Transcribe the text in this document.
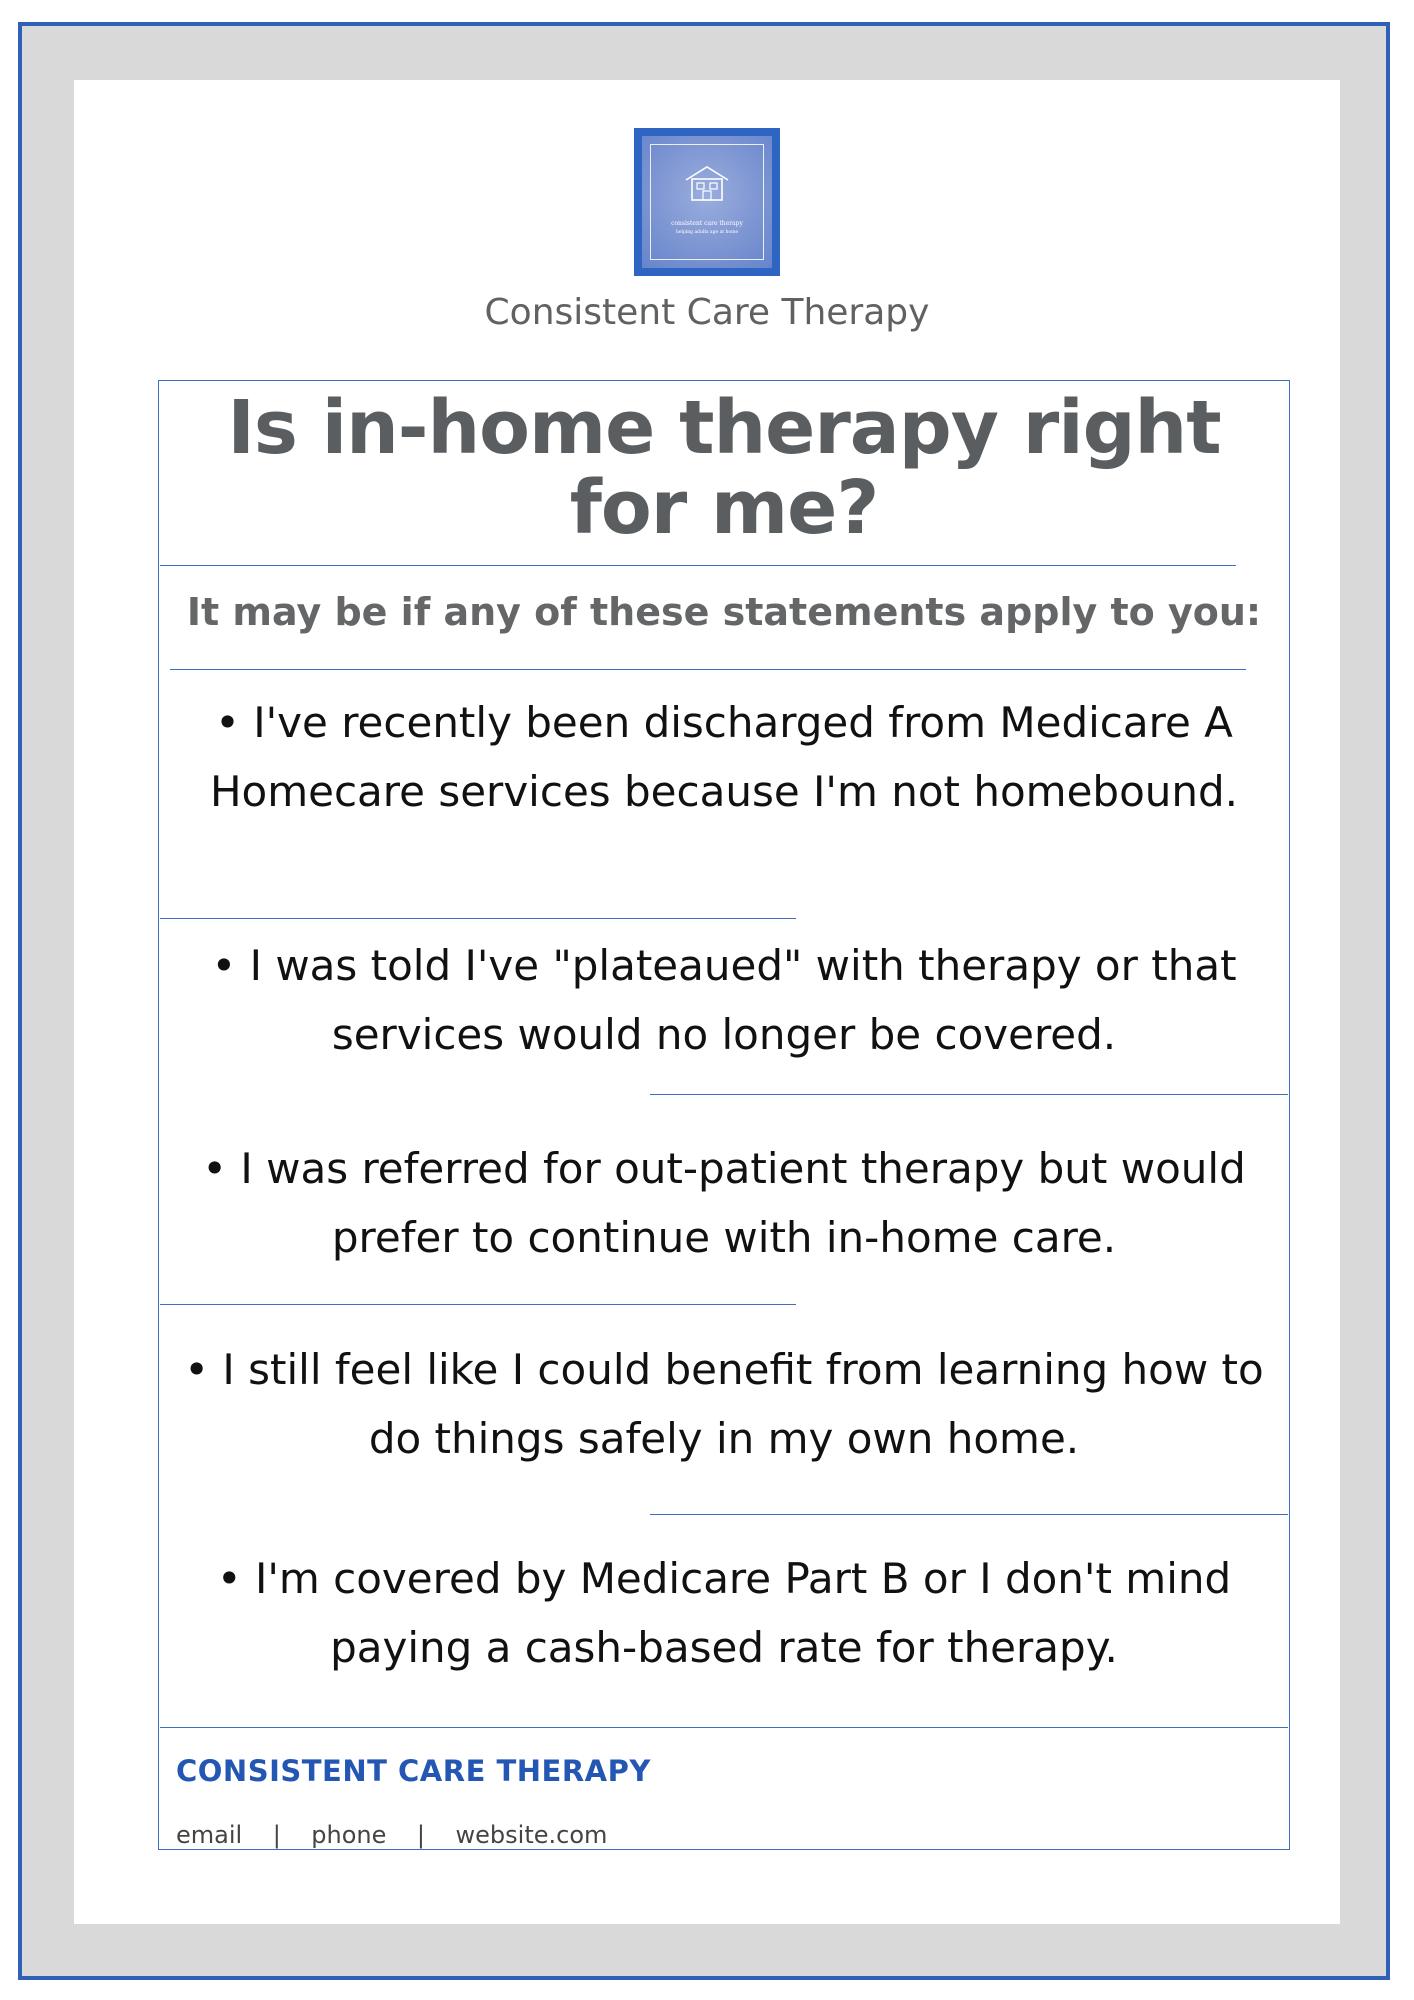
consistent care therapy
helping adults age at home
Consistent Care Therapy
Is in-home therapy right for me?
It may be if any of these statements apply to you:
• I've recently been discharged from Medicare A Homecare services because I'm not homebound.
• I was told I've "plateaued" with therapy or that services would no longer be covered.
• I was referred for out-patient therapy but would prefer to continue with in-home care.
• I still feel like I could benefit from learning how to do things safely in my own home.
• I'm covered by Medicare Part B or I don't mind paying a cash-based rate for therapy.
CONSISTENT CARE THERAPY
email    |    phone    |    website.com
